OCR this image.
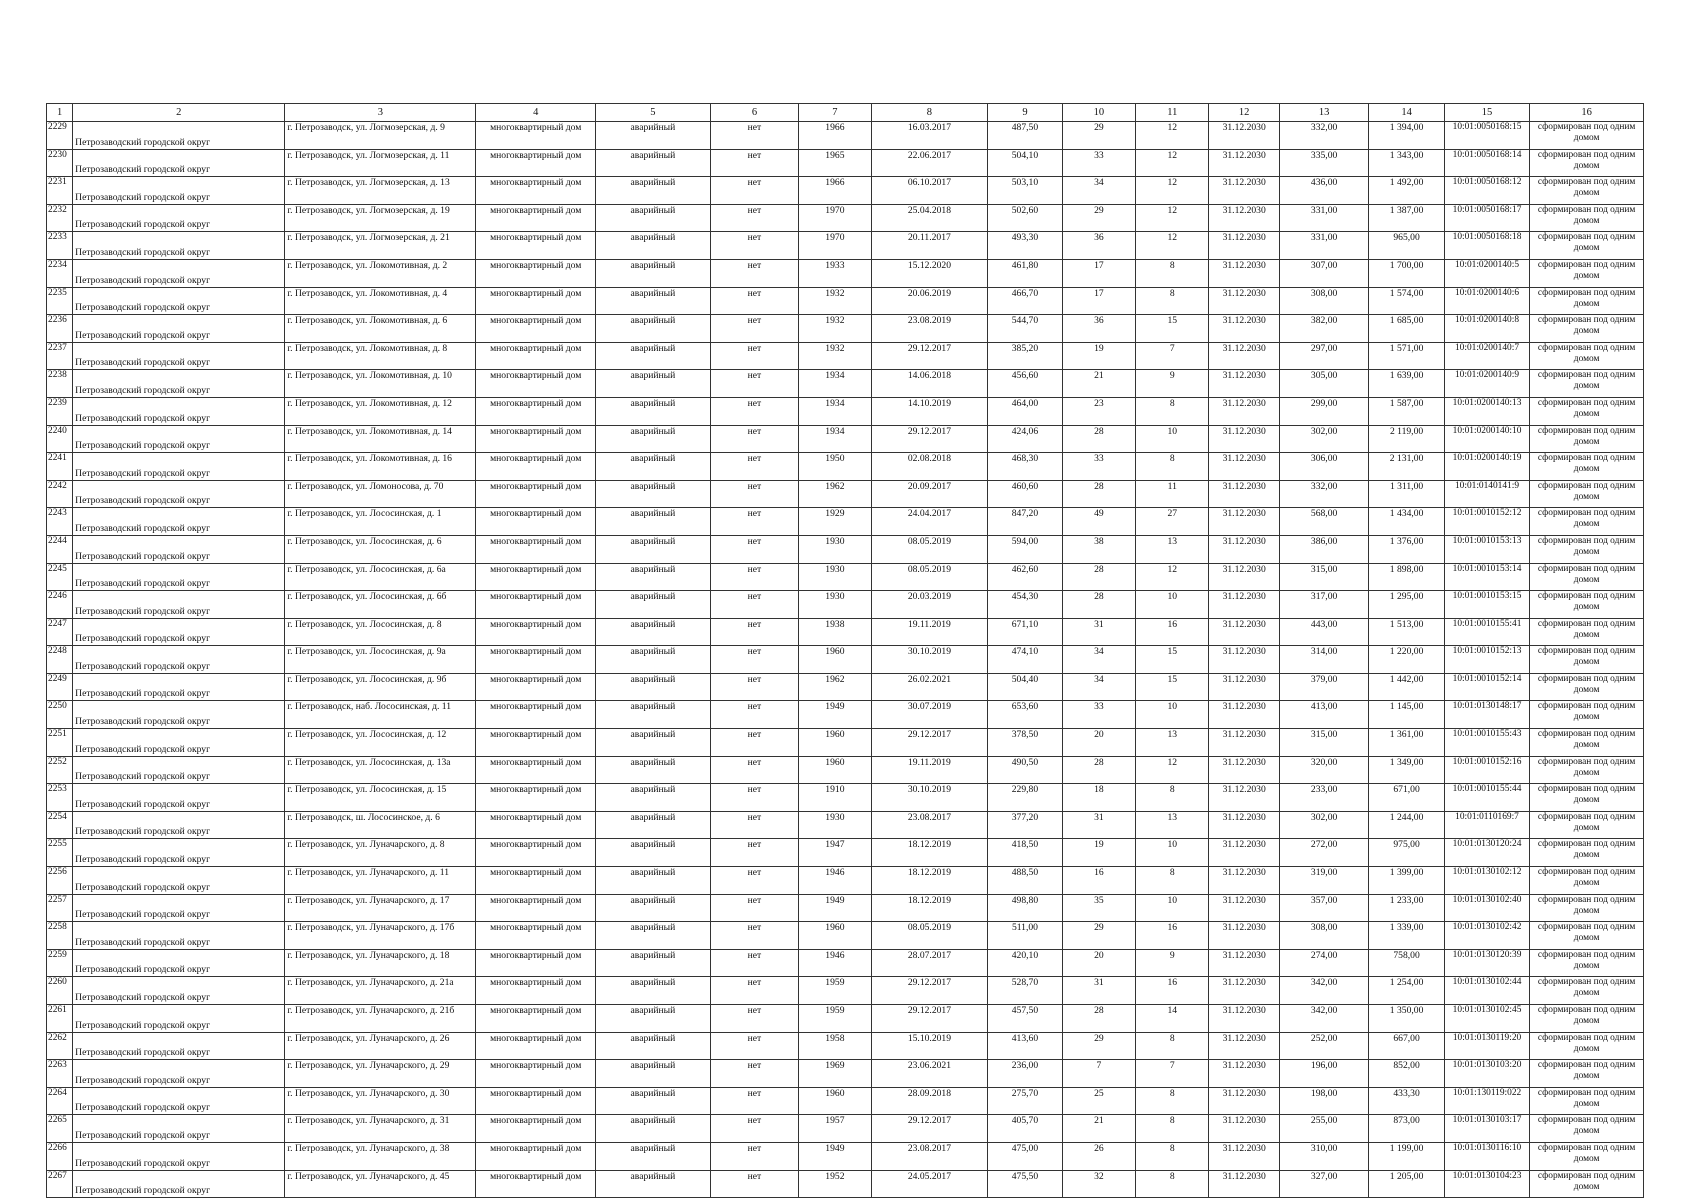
1	2	3	4	5	6	7	8	9	10	11	12	13	14	15	16
2229	Петрозаводский городской округ	г. Петрозаводск, ул. Логмозерская, д. 9	многоквартирный дом	аварийный	нет	1966	16.03.2017	487,50	29	12	31.12.2030	332,00	1 394,00	10:01:0050168:15	сформирован под одним домом
2230	Петрозаводский городской округ	г. Петрозаводск, ул. Логмозерская, д. 11	многоквартирный дом	аварийный	нет	1965	22.06.2017	504,10	33	12	31.12.2030	335,00	1 343,00	10:01:0050168:14	сформирован под одним домом
2231	Петрозаводский городской округ	г. Петрозаводск, ул. Логмозерская, д. 13	многоквартирный дом	аварийный	нет	1966	06.10.2017	503,10	34	12	31.12.2030	436,00	1 492,00	10:01:0050168:12	сформирован под одним домом
2232	Петрозаводский городской округ	г. Петрозаводск, ул. Логмозерская, д. 19	многоквартирный дом	аварийный	нет	1970	25.04.2018	502,60	29	12	31.12.2030	331,00	1 387,00	10:01:0050168:17	сформирован под одним домом
2233	Петрозаводский городской округ	г. Петрозаводск, ул. Логмозерская, д. 21	многоквартирный дом	аварийный	нет	1970	20.11.2017	493,30	36	12	31.12.2030	331,00	965,00	10:01:0050168:18	сформирован под одним домом
2234	Петрозаводский городской округ	г. Петрозаводск, ул. Локомотивная, д. 2	многоквартирный дом	аварийный	нет	1933	15.12.2020	461,80	17	8	31.12.2030	307,00	1 700,00	10:01:0200140:5	сформирован под одним домом
2235	Петрозаводский городской округ	г. Петрозаводск, ул. Локомотивная, д. 4	многоквартирный дом	аварийный	нет	1932	20.06.2019	466,70	17	8	31.12.2030	308,00	1 574,00	10:01:0200140:6	сформирован под одним домом
2236	Петрозаводский городской округ	г. Петрозаводск, ул. Локомотивная, д. 6	многоквартирный дом	аварийный	нет	1932	23.08.2019	544,70	36	15	31.12.2030	382,00	1 685,00	10:01:0200140:8	сформирован под одним домом
2237	Петрозаводский городской округ	г. Петрозаводск, ул. Локомотивная, д. 8	многоквартирный дом	аварийный	нет	1932	29.12.2017	385,20	19	7	31.12.2030	297,00	1 571,00	10:01:0200140:7	сформирован под одним домом
2238	Петрозаводский городской округ	г. Петрозаводск, ул. Локомотивная, д. 10	многоквартирный дом	аварийный	нет	1934	14.06.2018	456,60	21	9	31.12.2030	305,00	1 639,00	10:01:0200140:9	сформирован под одним домом
2239	Петрозаводский городской округ	г. Петрозаводск, ул. Локомотивная, д. 12	многоквартирный дом	аварийный	нет	1934	14.10.2019	464,00	23	8	31.12.2030	299,00	1 587,00	10:01:0200140:13	сформирован под одним домом
2240	Петрозаводский городской округ	г. Петрозаводск, ул. Локомотивная, д. 14	многоквартирный дом	аварийный	нет	1934	29.12.2017	424,06	28	10	31.12.2030	302,00	2 119,00	10:01:0200140:10	сформирован под одним домом
2241	Петрозаводский городской округ	г. Петрозаводск, ул. Локомотивная, д. 16	многоквартирный дом	аварийный	нет	1950	02.08.2018	468,30	33	8	31.12.2030	306,00	2 131,00	10:01:0200140:19	сформирован под одним домом
2242	Петрозаводский городской округ	г. Петрозаводск, ул. Ломоносова, д. 70	многоквартирный дом	аварийный	нет	1962	20.09.2017	460,60	28	11	31.12.2030	332,00	1 311,00	10:01:0140141:9	сформирован под одним домом
2243	Петрозаводский городской округ	г. Петрозаводск, ул. Лососинская, д. 1	многоквартирный дом	аварийный	нет	1929	24.04.2017	847,20	49	27	31.12.2030	568,00	1 434,00	10:01:0010152:12	сформирован под одним домом
2244	Петрозаводский городской округ	г. Петрозаводск, ул. Лососинская, д. 6	многоквартирный дом	аварийный	нет	1930	08.05.2019	594,00	38	13	31.12.2030	386,00	1 376,00	10:01:0010153:13	сформирован под одним домом
2245	Петрозаводский городской округ	г. Петрозаводск, ул. Лососинская, д. 6а	многоквартирный дом	аварийный	нет	1930	08.05.2019	462,60	28	12	31.12.2030	315,00	1 898,00	10:01:0010153:14	сформирован под одним домом
2246	Петрозаводский городской округ	г. Петрозаводск, ул. Лососинская, д. 6б	многоквартирный дом	аварийный	нет	1930	20.03.2019	454,30	28	10	31.12.2030	317,00	1 295,00	10:01:0010153:15	сформирован под одним домом
2247	Петрозаводский городской округ	г. Петрозаводск, ул. Лососинская, д. 8	многоквартирный дом	аварийный	нет	1938	19.11.2019	671,10	31	16	31.12.2030	443,00	1 513,00	10:01:0010155:41	сформирован под одним домом
2248	Петрозаводский городской округ	г. Петрозаводск, ул. Лососинская, д. 9а	многоквартирный дом	аварийный	нет	1960	30.10.2019	474,10	34	15	31.12.2030	314,00	1 220,00	10:01:0010152:13	сформирован под одним домом
2249	Петрозаводский городской округ	г. Петрозаводск, ул. Лососинская, д. 9б	многоквартирный дом	аварийный	нет	1962	26.02.2021	504,40	34	15	31.12.2030	379,00	1 442,00	10:01:0010152:14	сформирован под одним домом
2250	Петрозаводский городской округ	г. Петрозаводск, наб. Лососинская, д. 11	многоквартирный дом	аварийный	нет	1949	30.07.2019	653,60	33	10	31.12.2030	413,00	1 145,00	10:01:0130148:17	сформирован под одним домом
2251	Петрозаводский городской округ	г. Петрозаводск, ул. Лососинская, д. 12	многоквартирный дом	аварийный	нет	1960	29.12.2017	378,50	20	13	31.12.2030	315,00	1 361,00	10:01:0010155:43	сформирован под одним домом
2252	Петрозаводский городской округ	г. Петрозаводск, ул. Лососинская, д. 13а	многоквартирный дом	аварийный	нет	1960	19.11.2019	490,50	28	12	31.12.2030	320,00	1 349,00	10:01:0010152:16	сформирован под одним домом
2253	Петрозаводский городской округ	г. Петрозаводск, ул. Лососинская, д. 15	многоквартирный дом	аварийный	нет	1910	30.10.2019	229,80	18	8	31.12.2030	233,00	671,00	10:01:0010155:44	сформирован под одним домом
2254	Петрозаводский городской округ	г. Петрозаводск, ш. Лососинское, д. 6	многоквартирный дом	аварийный	нет	1930	23.08.2017	377,20	31	13	31.12.2030	302,00	1 244,00	10:01:0110169:7	сформирован под одним домом
2255	Петрозаводский городской округ	г. Петрозаводск, ул. Луначарского, д. 8	многоквартирный дом	аварийный	нет	1947	18.12.2019	418,50	19	10	31.12.2030	272,00	975,00	10:01:0130120:24	сформирован под одним домом
2256	Петрозаводский городской округ	г. Петрозаводск, ул. Луначарского, д. 11	многоквартирный дом	аварийный	нет	1946	18.12.2019	488,50	16	8	31.12.2030	319,00	1 399,00	10:01:0130102:12	сформирован под одним домом
2257	Петрозаводский городской округ	г. Петрозаводск, ул. Луначарского, д. 17	многоквартирный дом	аварийный	нет	1949	18.12.2019	498,80	35	10	31.12.2030	357,00	1 233,00	10:01:0130102:40	сформирован под одним домом
2258	Петрозаводский городской округ	г. Петрозаводск, ул. Луначарского, д. 17б	многоквартирный дом	аварийный	нет	1960	08.05.2019	511,00	29	16	31.12.2030	308,00	1 339,00	10:01:0130102:42	сформирован под одним домом
2259	Петрозаводский городской округ	г. Петрозаводск, ул. Луначарского, д. 18	многоквартирный дом	аварийный	нет	1946	28.07.2017	420,10	20	9	31.12.2030	274,00	758,00	10:01:0130120:39	сформирован под одним домом
2260	Петрозаводский городской округ	г. Петрозаводск, ул. Луначарского, д. 21а	многоквартирный дом	аварийный	нет	1959	29.12.2017	528,70	31	16	31.12.2030	342,00	1 254,00	10:01:0130102:44	сформирован под одним домом
2261	Петрозаводский городской округ	г. Петрозаводск, ул. Луначарского, д. 21б	многоквартирный дом	аварийный	нет	1959	29.12.2017	457,50	28	14	31.12.2030	342,00	1 350,00	10:01:0130102:45	сформирован под одним домом
2262	Петрозаводский городской округ	г. Петрозаводск, ул. Луначарского, д. 26	многоквартирный дом	аварийный	нет	1958	15.10.2019	413,60	29	8	31.12.2030	252,00	667,00	10:01:0130119:20	сформирован под одним домом
2263	Петрозаводский городской округ	г. Петрозаводск, ул. Луначарского, д. 29	многоквартирный дом	аварийный	нет	1969	23.06.2021	236,00	7	7	31.12.2030	196,00	852,00	10:01:0130103:20	сформирован под одним домом
2264	Петрозаводский городской округ	г. Петрозаводск, ул. Луначарского, д. 30	многоквартирный дом	аварийный	нет	1960	28.09.2018	275,70	25	8	31.12.2030	198,00	433,30	10:01:130119:022	сформирован под одним домом
2265	Петрозаводский городской округ	г. Петрозаводск, ул. Луначарского, д. 31	многоквартирный дом	аварийный	нет	1957	29.12.2017	405,70	21	8	31.12.2030	255,00	873,00	10:01:0130103:17	сформирован под одним домом
2266	Петрозаводский городской округ	г. Петрозаводск, ул. Луначарского, д. 38	многоквартирный дом	аварийный	нет	1949	23.08.2017	475,00	26	8	31.12.2030	310,00	1 199,00	10:01:0130116:10	сформирован под одним домом
2267	Петрозаводский городской округ	г. Петрозаводск, ул. Луначарского, д. 45	многоквартирный дом	аварийный	нет	1952	24.05.2017	475,50	32	8	31.12.2030	327,00	1 205,00	10:01:0130104:23	сформирован под одним домом
